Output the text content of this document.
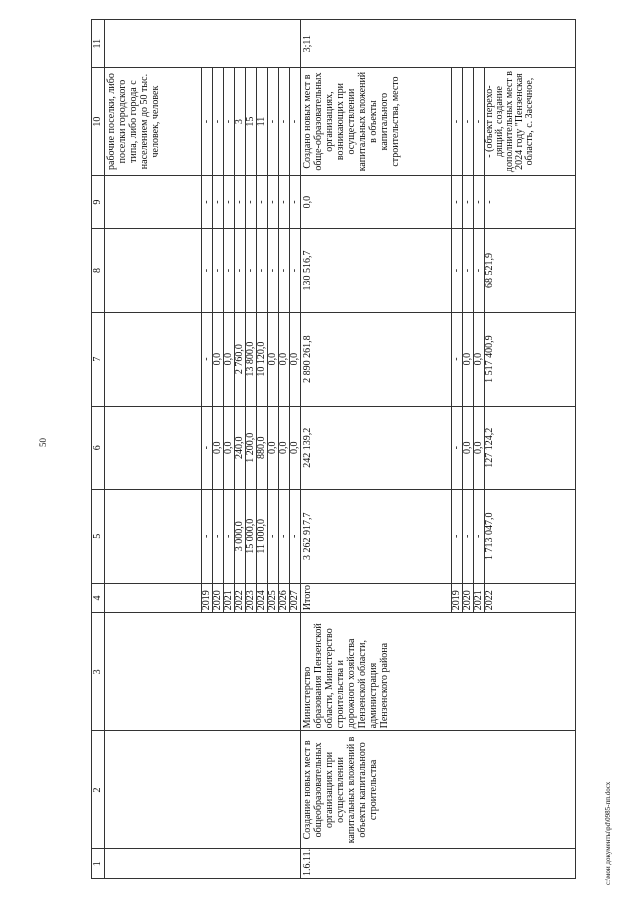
50
1	2	3	4	5	6	7	8	9	10	11
									рабочие поселки, либо поселки городского типа, либо города с населением до 50 тыс. человек, человек	
			2019	-	-	-	-	-	-	
			2020	-	0,0	0,0	-	-	-	
			2021	-	0,0	0,0	-	-	-	
			2022	3 000,0	240,0	2 760,0	-	-	3	
			2023	15 000,0	1 200,0	13 800,0	-	-	15	
			2024	11 000,0	880,0	10 120,0	-	-	11	
			2025	-	0,0	0,0	-	-	-	
			2026	-	0,0	0,0	-	-	-	
			2027	-	0,0	0,0	-	-	-	
1.6.11.	Создание новых мест в общеобразовательных организациях при осуществлении капитальных вложений в объекты капитального строительства	Министерство образования Пензенской области, Министерство строительства и дорожного хозяйства Пензенской области, администрация Пензенского района	Итого	3 262 917,7	242 139,2	2 890 261,8	130 516,7	0,0	Создано новых мест в обще-образовательных организациях, возникающих при осуществлении капитальных вложений в объекты капитального строительства, место	3;11
			2019	-	-	-	-	-	-	
			2020	-	0,0	0,0	-	-	-	
			2021	-	0,0	0,0	-	-	-	
			2022	1 713 047,0	127 124,2	1 517 400,9	68 521,9	-	- (объект перехо-дящий, создание дополнительных мест в 2024 году "Пензенская область, с. Засечное,	
c:\мои документы\pd\0985-пп.docx
